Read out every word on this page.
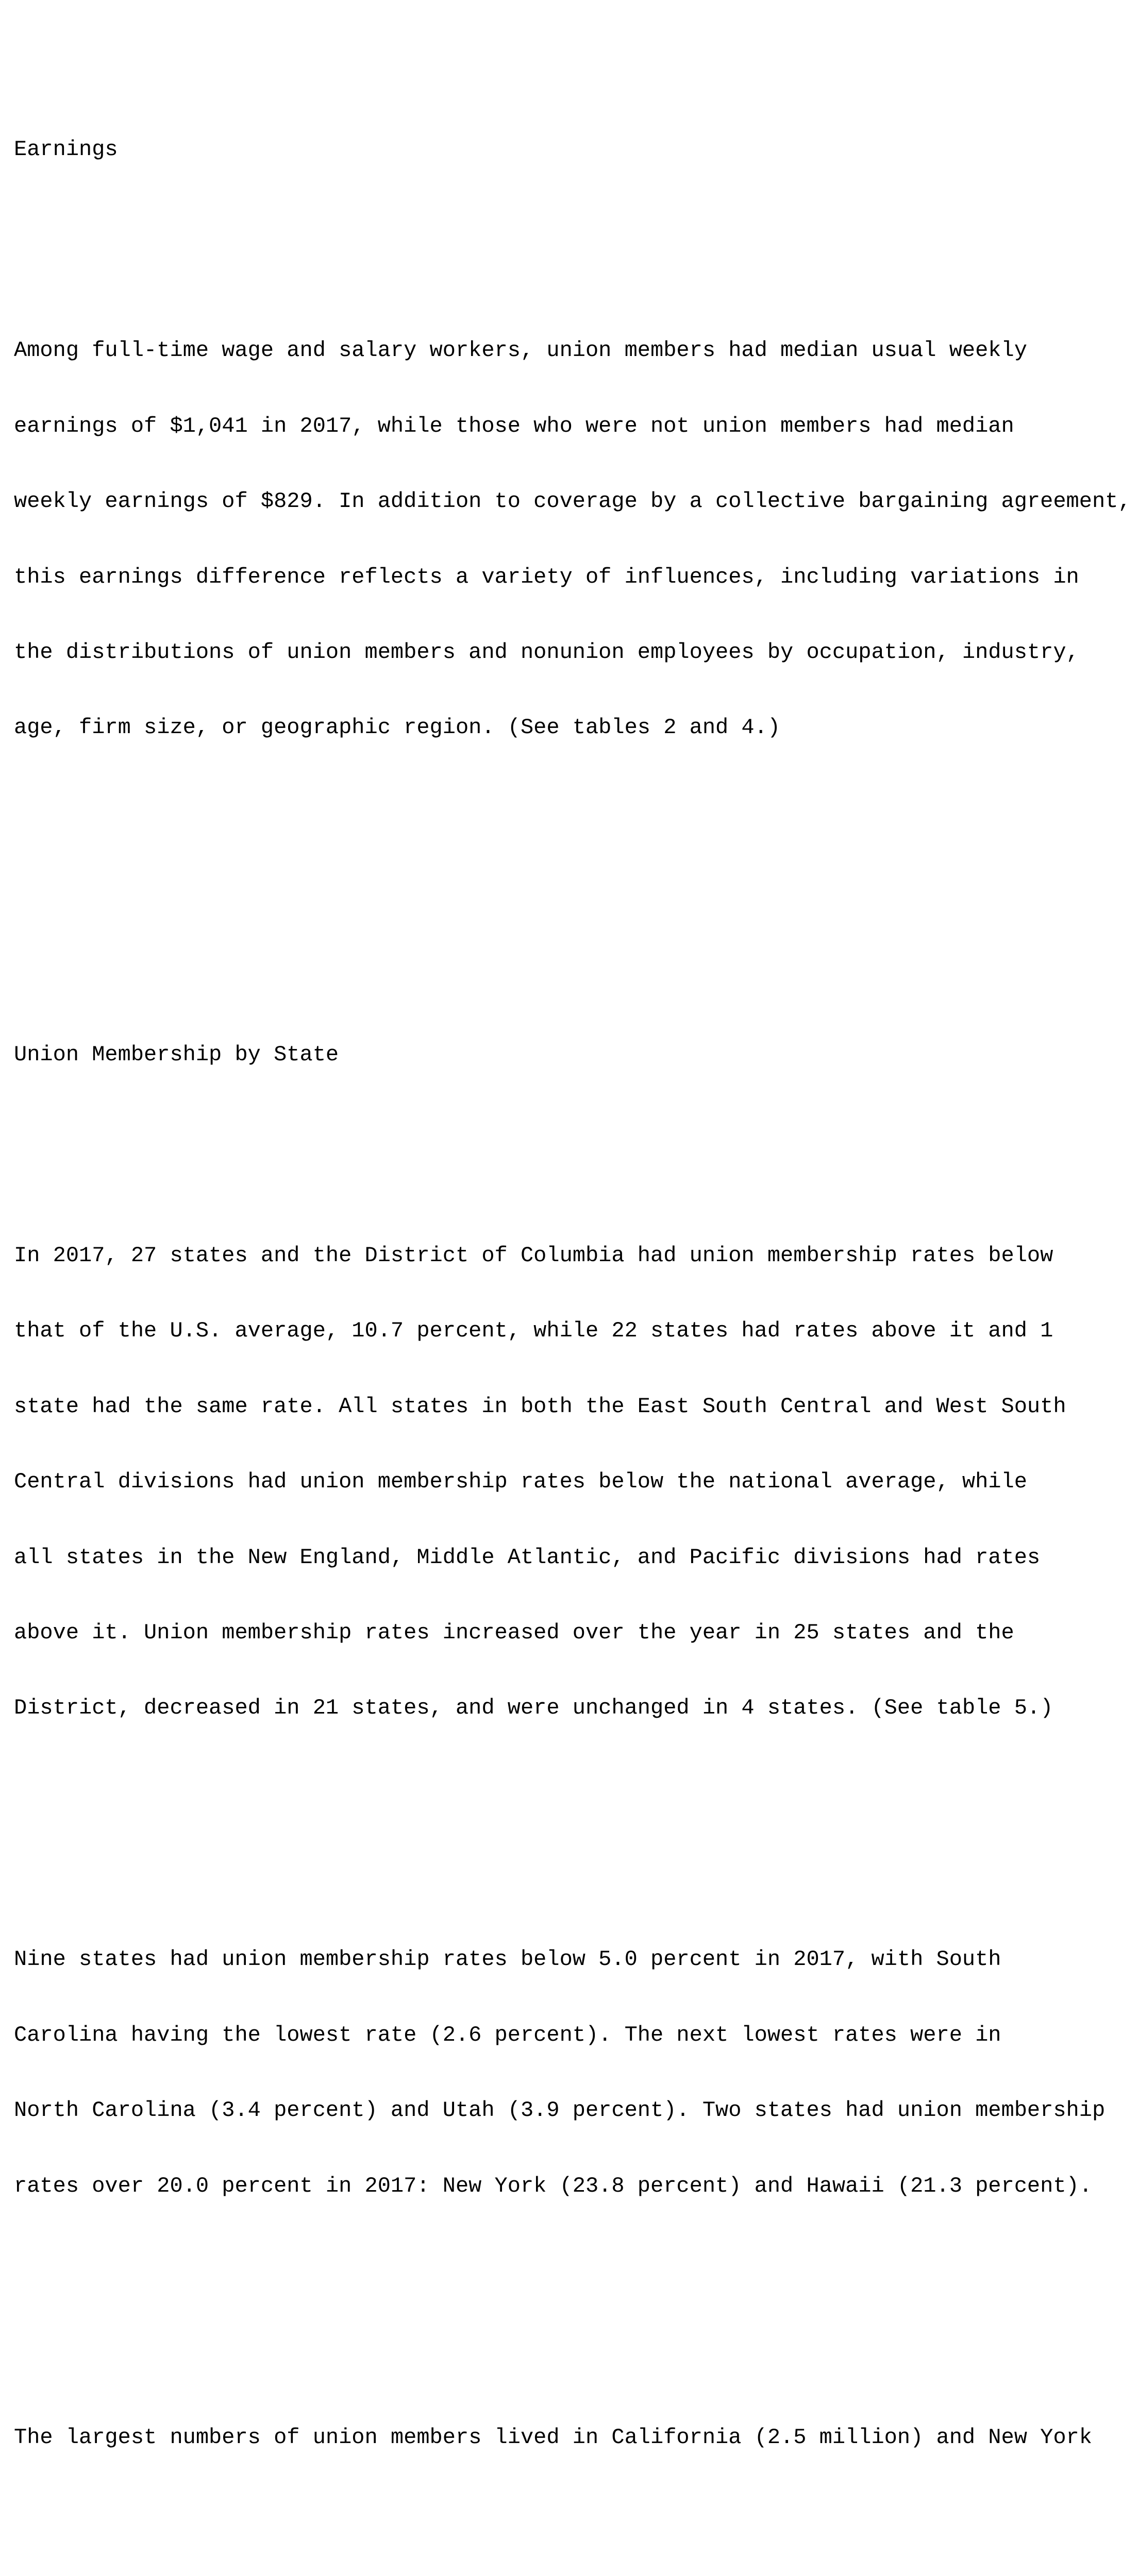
Earnings

Among full-time wage and salary workers, union members had median usual weekly

earnings of $1,041 in 2017, while those who were not union members had median

weekly earnings of $829. In addition to coverage by a collective bargaining agreement,

this earnings difference reflects a variety of influences, including variations in

the distributions of union members and nonunion employees by occupation, industry,

age, firm size, or geographic region. (See tables 2 and 4.)

Union Membership by State

In 2017, 27 states and the District of Columbia had union membership rates below

that of the U.S. average, 10.7 percent, while 22 states had rates above it and 1

state had the same rate. All states in both the East South Central and West South

Central divisions had union membership rates below the national average, while

all states in the New England, Middle Atlantic, and Pacific divisions had rates

above it. Union membership rates increased over the year in 25 states and the

District, decreased in 21 states, and were unchanged in 4 states. (See table 5.)

Nine states had union membership rates below 5.0 percent in 2017, with South

Carolina having the lowest rate (2.6 percent). The next lowest rates were in

North Carolina (3.4 percent) and Utah (3.9 percent). Two states had union membership

rates over 20.0 percent in 2017: New York (23.8 percent) and Hawaii (21.3 percent).

The largest numbers of union members lived in California (2.5 million) and New York
